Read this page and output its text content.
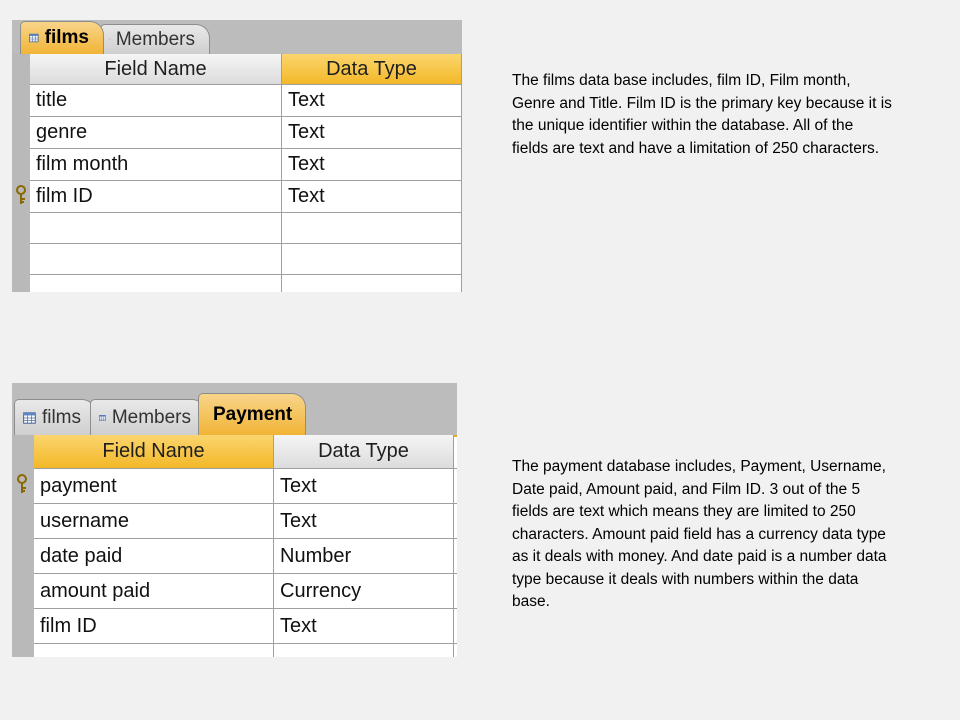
films Members
Field Name	Data Type
title	Text
genre	Text
film month	Text
film ID	Text
The films data base includes, film ID, Film month, Genre and Title. Film ID is the primary key because it is the unique identifier within the database. All of the fields are text and have a limitation of 250 characters.
films Members Payment
Field Name	Data Type
payment	Text
username	Text
date paid	Number
amount paid	Currency
film ID	Text
The payment database includes, Payment, Username, Date paid, Amount paid, and Film ID. 3 out of the 5 fields are text which means they are limited to 250 characters. Amount paid field has a currency data type as it deals with money. And date paid is a number data type because it deals with numbers within the data base.
